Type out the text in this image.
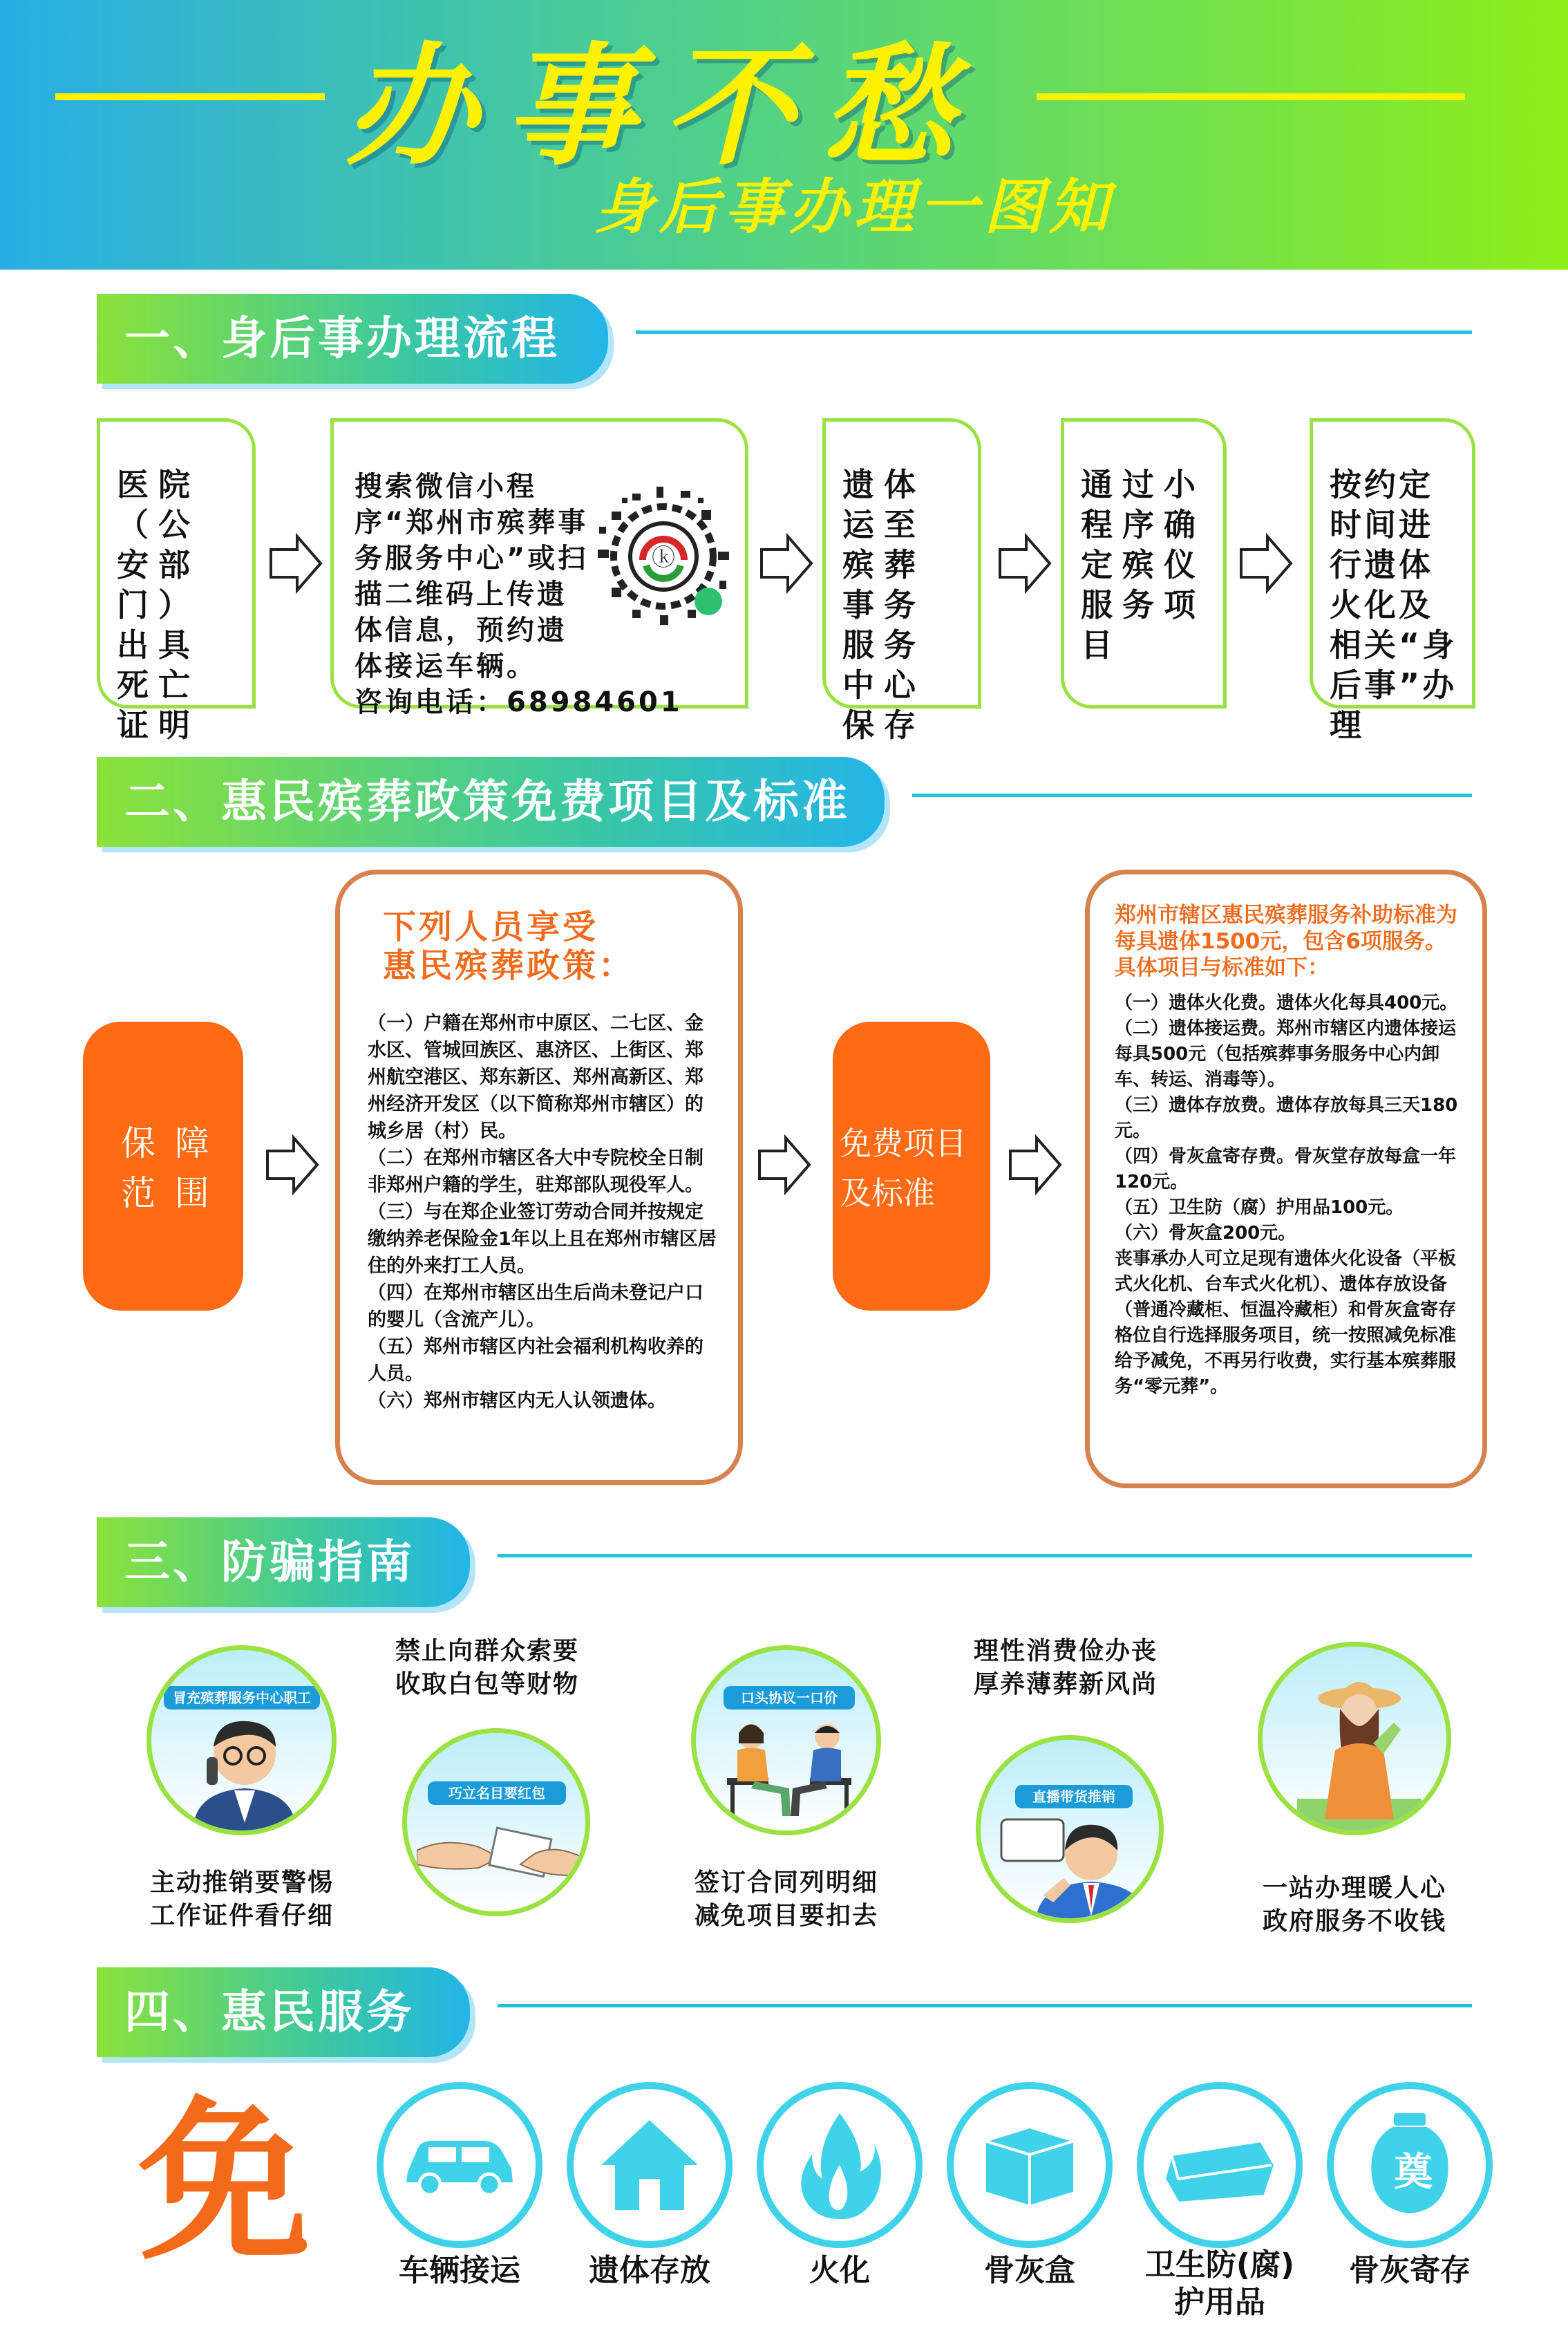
办事不愁
身后事办理一图知
一、身后事办理流程
医院（公安部门）出具死亡证明
搜索微信小程序“郑州市殡葬事务服务中心”或扫描二维码上传遗体信息，预约遗体接运车辆。
咨询电话：68984601
ⓚ
遗体运至殡葬事务服务中心保存
通过小程序确定殡仪服务项目
按约定时间进行遗体火化及相关“身后事”办理
二、惠民殡葬政策免费项目及标准
保 障
范 围
下列人员享受
惠民殡葬政策：
（一）户籍在郑州市中原区、二七区、金水区、管城回族区、惠济区、上街区、郑州航空港区、郑东新区、郑州高新区、郑州经济开发区（以下简称郑州市辖区）的城乡居（村）民。
（二）在郑州市辖区各大中专院校全日制非郑州户籍的学生，驻郑部队现役军人。
（三）与在郑企业签订劳动合同并按规定缴纳养老保险金1年以上且在郑州市辖区居住的外来打工人员。
（四）在郑州市辖区出生后尚未登记户口的婴儿（含流产儿）。
（五）郑州市辖区内社会福利机构收养的人员。
（六）郑州市辖区内无人认领遗体。
免费项目
及标准
郑州市辖区惠民殡葬服务补助标准为每具遗体1500元，包含6项服务。具体项目与标准如下：
（一）遗体火化费。遗体火化每具400元。
（二）遗体接运费。郑州市辖区内遗体接运每具500元（包括殡葬事务服务中心内卸车、转运、消毒等）。
（三）遗体存放费。遗体存放每具三天180元。
（四）骨灰盒寄存费。骨灰堂存放每盒一年120元。
（五）卫生防（腐）护用品100元。
（六）骨灰盒200元。
丧事承办人可立足现有遗体火化设备（平板式火化机、台车式火化机）、遗体存放设备（普通冷藏柜、恒温冷藏柜）和骨灰盒寄存格位自行选择服务项目，统一按照减免标准给予减免，不再另行收费，实行基本殡葬服务“零元葬”。
三、防骗指南
冒充殡葬服务中心职工
主动推销要警惕
工作证件看仔细
禁止向群众索要
收取白包等财物
巧立名目要红包
口头协议一口价
签订合同列明细
减免项目要扣去
理性消费俭办丧
厚养薄葬新风尚
直播带货推销
一站办理暖人心
政府服务不收钱
四、惠民服务
免	车辆接运	遗体存放	火化	骨灰盒	卫生防(腐)
护用品
奠
骨灰寄存
